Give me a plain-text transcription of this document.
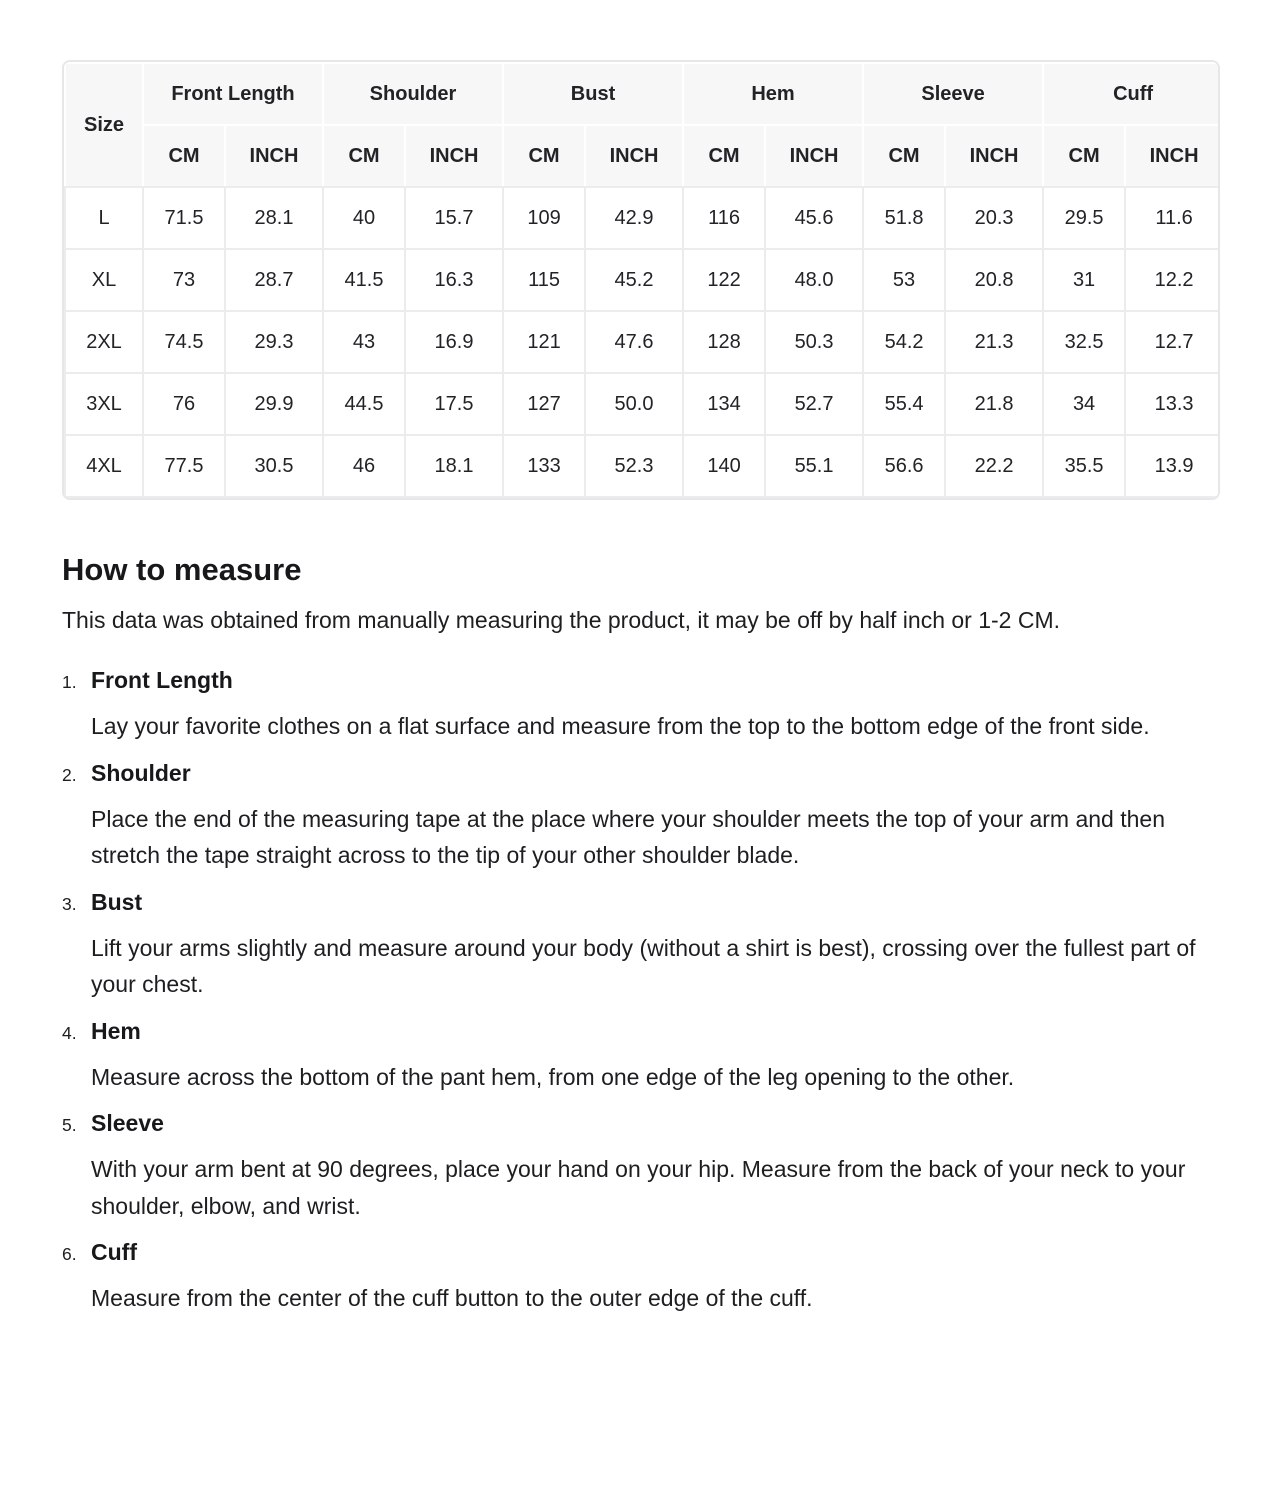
Size	Front Length		Shoulder		Bust		Hem		Sleeve		Cuff	
	CM	INCH	CM	INCH	CM	INCH	CM	INCH	CM	INCH	CM	INCH
L	71.5	28.1	40	15.7	109	42.9	116	45.6	51.8	20.3	29.5	11.6
XL	73	28.7	41.5	16.3	115	45.2	122	48.0	53	20.8	31	12.2
2XL	74.5	29.3	43	16.9	121	47.6	128	50.3	54.2	21.3	32.5	12.7
3XL	76	29.9	44.5	17.5	127	50.0	134	52.7	55.4	21.8	34	13.3
4XL	77.5	30.5	46	18.1	133	52.3	140	55.1	56.6	22.2	35.5	13.9
How to measure

This data was obtained from manually measuring the product, it may be off by half inch or 1-2 CM.

1. Front Length
Lay your favorite clothes on a flat surface and measure from the top to the bottom edge of the front side.
2. Shoulder
Place the end of the measuring tape at the place where your shoulder meets the top of your arm and then stretch the tape straight across to the tip of your other shoulder blade.
3. Bust
Lift your arms slightly and measure around your body (without a shirt is best), crossing over the fullest part of your chest.
4. Hem
Measure across the bottom of the pant hem, from one edge of the leg opening to the other.
5. Sleeve
With your arm bent at 90 degrees, place your hand on your hip. Measure from the back of your neck to your shoulder, elbow, and wrist.
6. Cuff
Measure from the center of the cuff button to the outer edge of the cuff.
